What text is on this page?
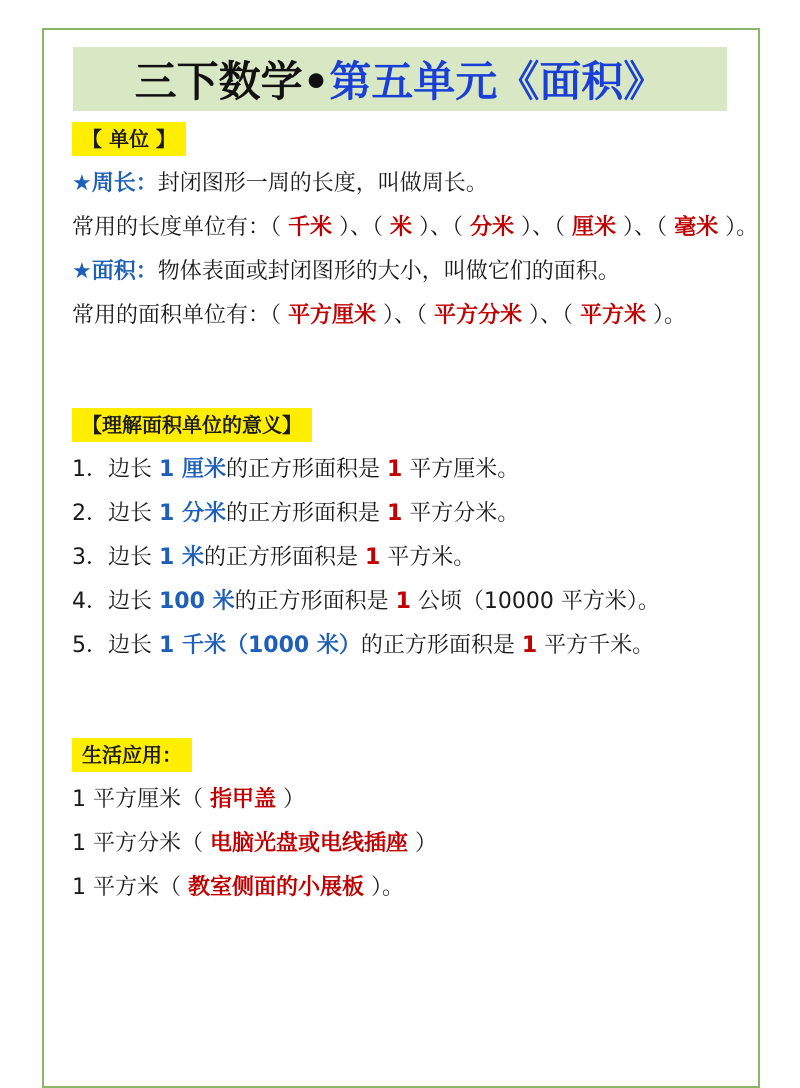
三下数学• 第五单元《面积》
【 单位 】
★周长：封闭图形一周的长度，叫做周长。
常用的长度单位有：（ 千米 ）、（ 米 ）、（ 分米 ）、（ 厘米 ）、（ 毫米 ）。
★面积：物体表面或封闭图形的大小，叫做它们的面积。
常用的面积单位有：（ 平方厘米 ）、（ 平方分米 ）、（ 平方米 ）。
【理解面积单位的意义】
1．边长 1 厘米的正方形面积是 1 平方厘米。
2．边长 1 分米的正方形面积是 1 平方分米。
3．边长 1 米的正方形面积是 1 平方米。
4．边长 100 米的正方形面积是 1 公顷（10000 平方米）。
5．边长 1 千米（1000 米）的正方形面积是 1 平方千米。
生活应用：
1 平方厘米（ 指甲盖 ）
1 平方分米（ 电脑光盘或电线插座 ）
1 平方米（ 教室侧面的小展板 ）。
